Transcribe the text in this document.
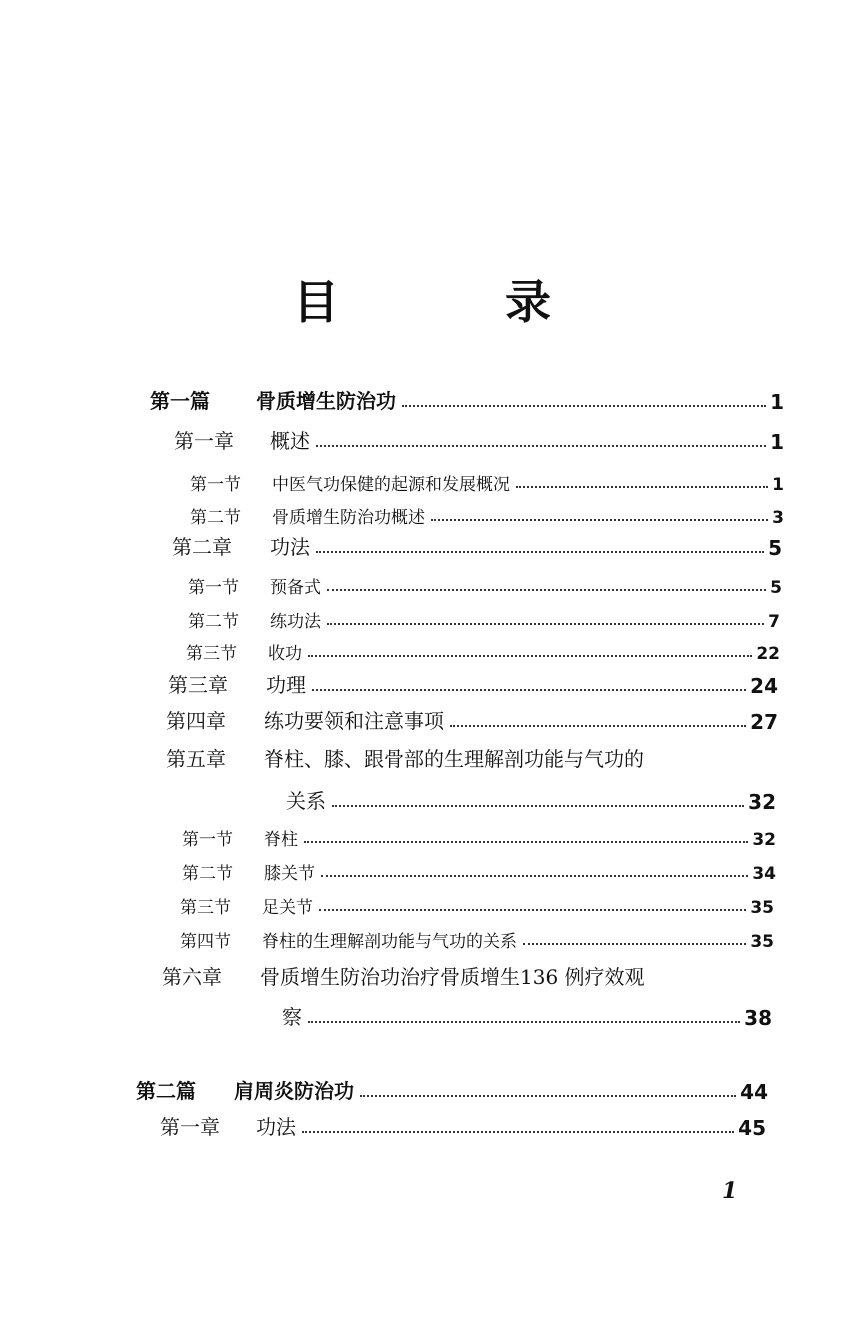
目　录
第一篇	骨质增生防治功	1
第一章	概述	1
第一节	中医气功保健的起源和发展概况	1
第二节	骨质增生防治功概述	3
第二章	功法	5
第一节	预备式	5
第二节	练功法	7
第三节	收功	22
第三章	功理	24
第四章	练功要领和注意事项	27
第五章	脊柱、膝、跟骨部的生理解剖功能与气功的
关系	32
第一节	脊柱	32
第二节	膝关节	34
第三节	足关节	35
第四节	脊柱的生理解剖功能与气功的关系	35
第六章	骨质增生防治功治疗骨质增生136 例疗效观
察	38
第二篇	肩周炎防治功	44
第一章	功法	45
1
